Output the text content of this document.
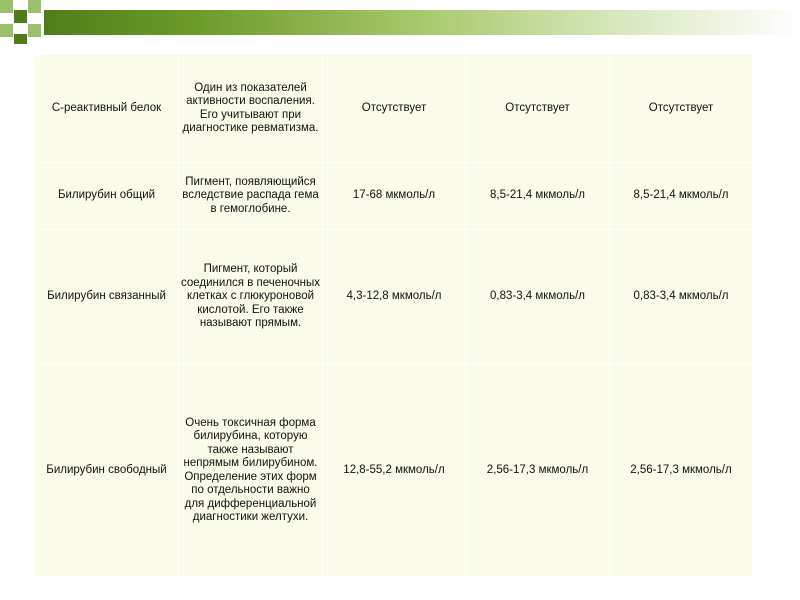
С-реактивный белок	Один из показателей активности воспаления. Его учитывают при диагностике ревматизма.	Отсутствует	Отсутствует	Отсутствует
Билирубин общий	Пигмент, появляющийся вследствие распада гема в гемоглобине.	17-68 мкмоль/л	8,5-21,4 мкмоль/л	8,5-21,4 мкмоль/л
Билирубин связанный	Пигмент, который соединился в печеночных клетках с глюкуроновой кислотой. Его также называют прямым.	4,3-12,8 мкмоль/л	0,83-3,4 мкмоль/л	0,83-3,4 мкмоль/л
Билирубин свободный	Очень токсичная форма билирубина, которую также называют непрямым билирубином. Определение этих форм по отдельности важно для дифференциальной диагностики желтухи.	12,8-55,2 мкмоль/л	2,56-17,3 мкмоль/л	2,56-17,3 мкмоль/л
